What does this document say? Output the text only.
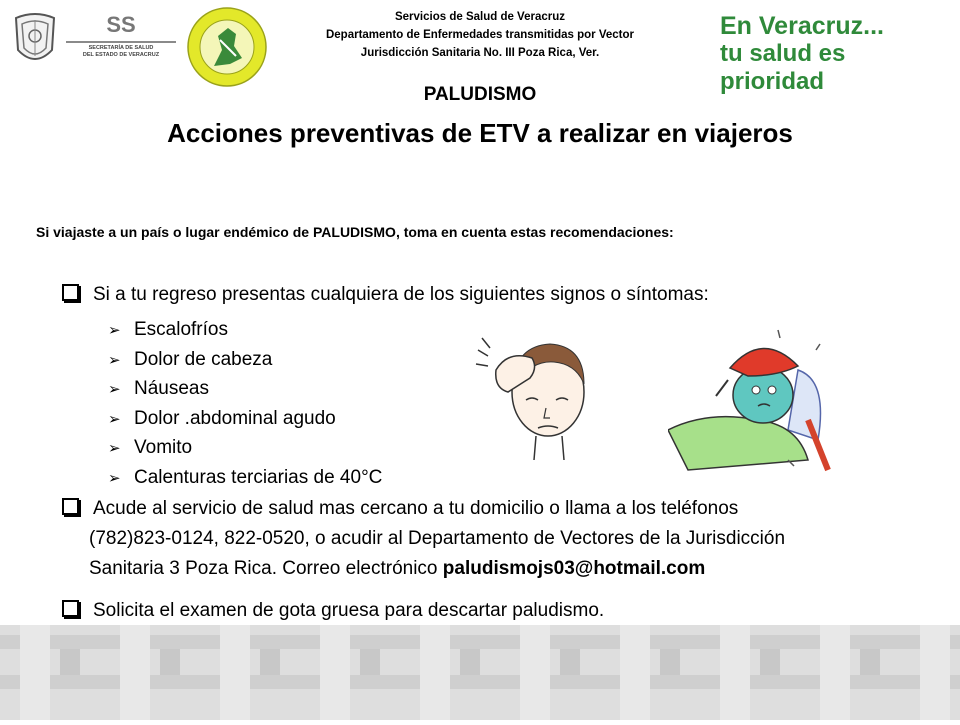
SS
SECRETARÍA DE SALUD
DEL ESTADO DE VERACRUZ
Servicios de Salud de Veracruz
Departamento de Enfermedades transmitidas por Vector
Jurisdicción Sanitaria No. III Poza Rica, Ver.
En Veracruz...
tu salud es prioridad
PALUDISMO
Acciones preventivas de ETV a realizar en viajeros
Si viajaste a un país o lugar endémico de PALUDISMO, toma en cuenta estas recomendaciones:
Si a tu regreso presentas cualquiera de los siguientes signos o síntomas:
➢ Escalofríos
➢ Dolor de cabeza
➢ Náuseas
➢ Dolor .abdominal agudo
➢ Vomito
➢ Calenturas terciarias de 40°C
Acude al servicio de salud mas cercano a tu domicilio o llama a los teléfonos
(782)823-0124, 822-0520, o acudir al Departamento de Vectores de la Jurisdicción
Sanitaria 3 Poza Rica. Correo electrónico paludismojs03@hotmail.com
Solicita el examen de gota gruesa para descartar paludismo.
